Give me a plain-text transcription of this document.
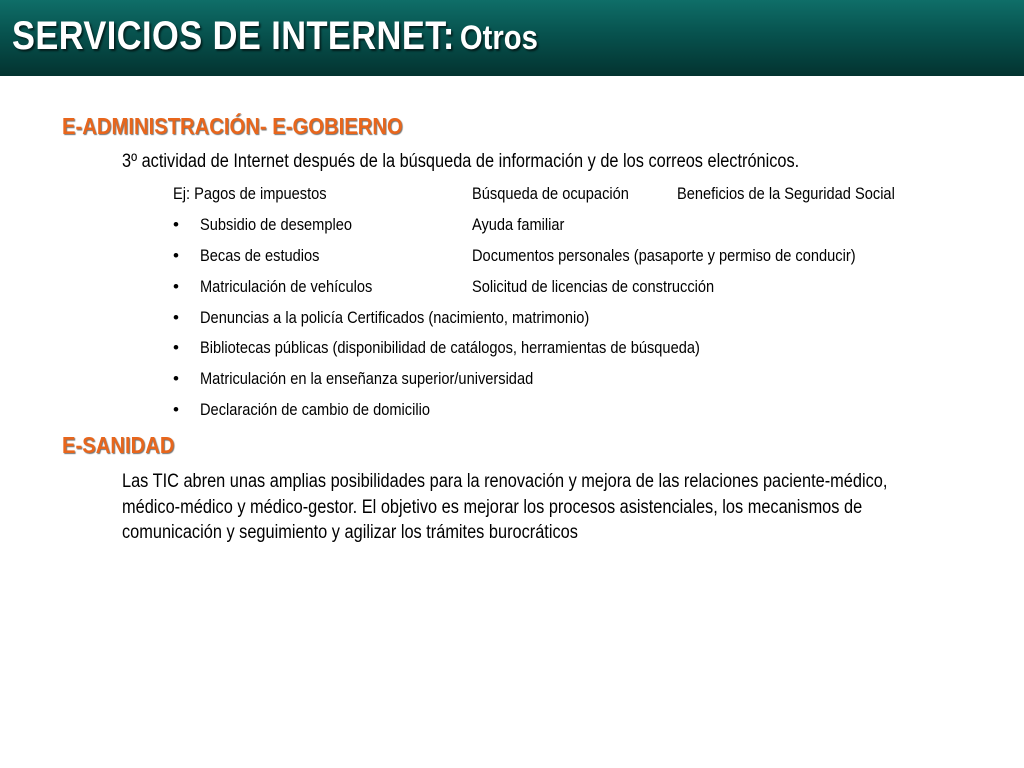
SERVICIOS DE INTERNET: Otros
E-ADMINISTRACIÓN- E-GOBIERNO
3º actividad de Internet después de la búsqueda de información y de los correos electrónicos.
Ej: Pagos de impuestos	Búsqueda de ocupación	Beneficios de la Seguridad Social
• Subsidio de desempleo	Ayuda familiar
• Becas de estudios	Documentos personales (pasaporte y permiso de conducir)
• Matriculación de vehículos	Solicitud de licencias de construcción
• Denuncias a la policía Certificados (nacimiento, matrimonio)
• Bibliotecas públicas (disponibilidad de catálogos, herramientas de búsqueda)
• Matriculación en la enseñanza superior/universidad
• Declaración de cambio de domicilio
E-SANIDAD
Las TIC abren unas amplias posibilidades para la renovación y mejora de las relaciones paciente-médico,
médico-médico y médico-gestor. El objetivo es mejorar los procesos asistenciales, los mecanismos de
comunicación y seguimiento y agilizar los trámites burocráticos
